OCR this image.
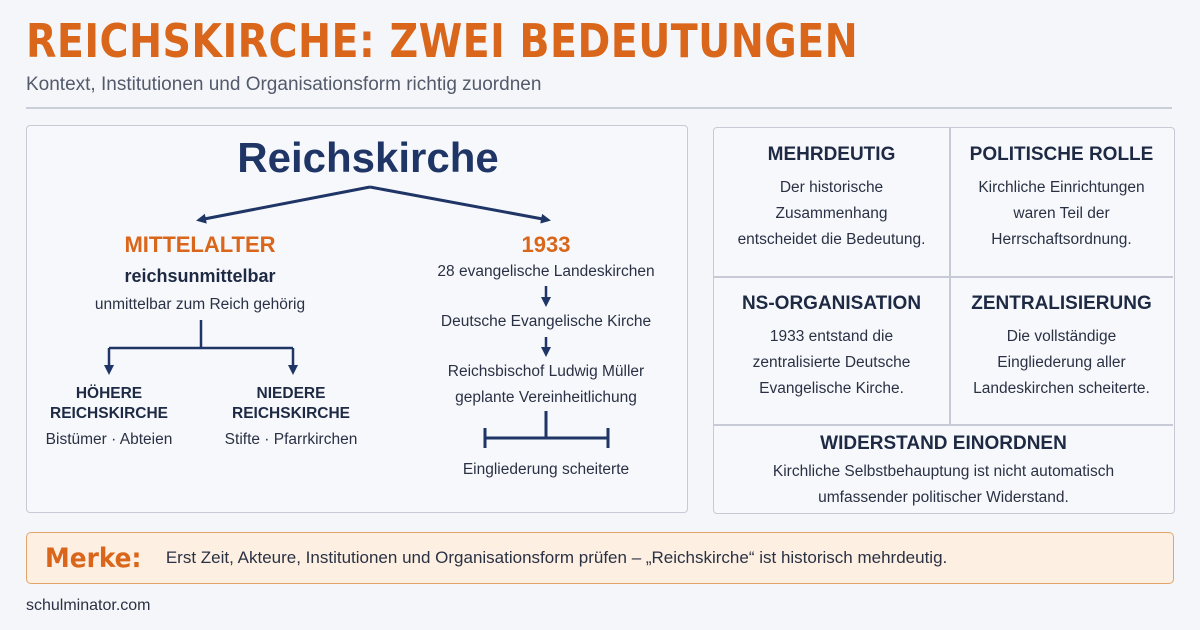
REICHSKIRCHE: ZWEI BEDEUTUNGEN
Kontext, Institutionen und Organisationsform richtig zuordnen
Reichskirche
MITTELALTER
reichsunmittelbar
unmittelbar zum Reich gehörig
HÖHERE
REICHSKIRCHE
Bistümer · Abteien
NIEDERE
REICHSKIRCHE
Stifte · Pfarrkirchen
1933
28 evangelische Landeskirchen
Deutsche Evangelische Kirche
Reichsbischof Ludwig Müller
geplante Vereinheitlichung
Eingliederung scheiterte
MEHRDEUTIG
Der historische
Zusammenhang
entscheidet die Bedeutung.
POLITISCHE ROLLE
Kirchliche Einrichtungen
waren Teil der
Herrschaftsordnung.
NS-ORGANISATION
1933 entstand die
zentralisierte Deutsche
Evangelische Kirche.
ZENTRALISIERUNG
Die vollständige
Eingliederung aller
Landeskirchen scheiterte.
WIDERSTAND EINORDNEN
Kirchliche Selbstbehauptung ist nicht automatisch
umfassender politischer Widerstand.
Merke: Erst Zeit, Akteure, Institutionen und Organisationsform prüfen – „Reichskirche“ ist historisch mehrdeutig.
schulminator.com
